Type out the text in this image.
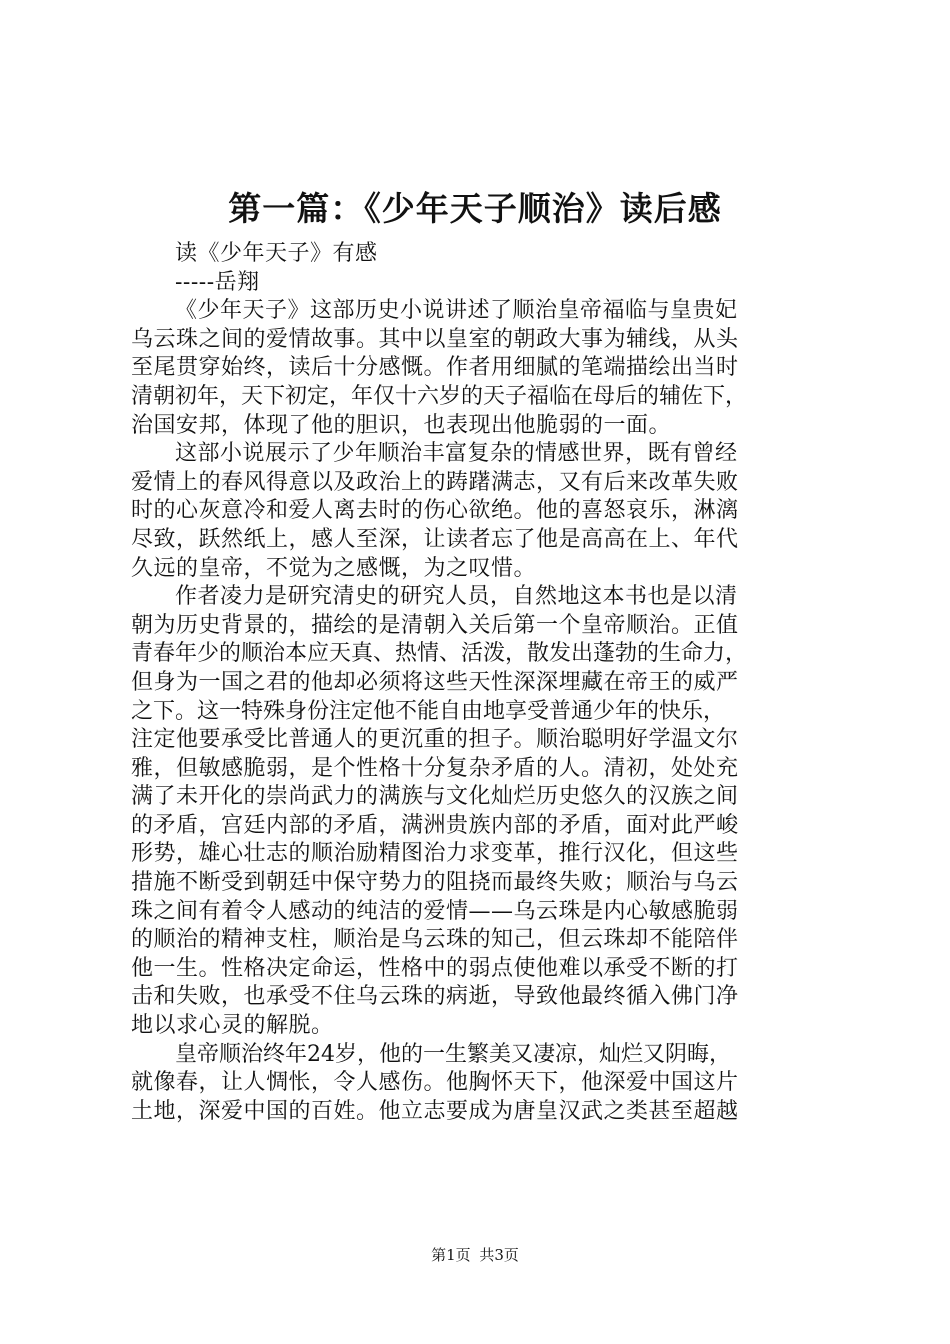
第一篇：《少年天子顺治》读后感
读《少年天子》有感
-----岳翔
《少年天子》这部历史小说讲述了顺治皇帝福临与皇贵妃
乌云珠之间的爱情故事。其中以皇室的朝政大事为辅线，从头
至尾贯穿始终，读后十分感慨。作者用细腻的笔端描绘出当时
清朝初年，天下初定，年仅十六岁的天子福临在母后的辅佐下，
治国安邦，体现了他的胆识，也表现出他脆弱的一面。
这部小说展示了少年顺治丰富复杂的情感世界，既有曾经
爱情上的春风得意以及政治上的踌躇满志，又有后来改革失败
时的心灰意冷和爱人离去时的伤心欲绝。他的喜怒哀乐，淋漓
尽致，跃然纸上，感人至深，让读者忘了他是高高在上、年代
久远的皇帝，不觉为之感慨，为之叹惜。
作者凌力是研究清史的研究人员，自然地这本书也是以清
朝为历史背景的，描绘的是清朝入关后第一个皇帝顺治。正值
青春年少的顺治本应天真、热情、活泼，散发出蓬勃的生命力，
但身为一国之君的他却必须将这些天性深深埋藏在帝王的威严
之下。这一特殊身份注定他不能自由地享受普通少年的快乐，
注定他要承受比普通人的更沉重的担子。顺治聪明好学温文尔
雅，但敏感脆弱，是个性格十分复杂矛盾的人。清初，处处充
满了未开化的崇尚武力的满族与文化灿烂历史悠久的汉族之间
的矛盾，宫廷内部的矛盾，满洲贵族内部的矛盾，面对此严峻
形势，雄心壮志的顺治励精图治力求变革，推行汉化，但这些
措施不断受到朝廷中保守势力的阻挠而最终失败；顺治与乌云
珠之间有着令人感动的纯洁的爱情——乌云珠是内心敏感脆弱
的顺治的精神支柱，顺治是乌云珠的知己，但云珠却不能陪伴
他一生。性格决定命运，性格中的弱点使他难以承受不断的打
击和失败，也承受不住乌云珠的病逝，导致他最终循入佛门净
地以求心灵的解脱。
皇帝顺治终年24岁，他的一生繁美又凄凉，灿烂又阴晦，
就像春，让人惆怅，令人感伤。他胸怀天下，他深爱中国这片
土地，深爱中国的百姓。他立志要成为唐皇汉武之类甚至超越
第1页 共3页
